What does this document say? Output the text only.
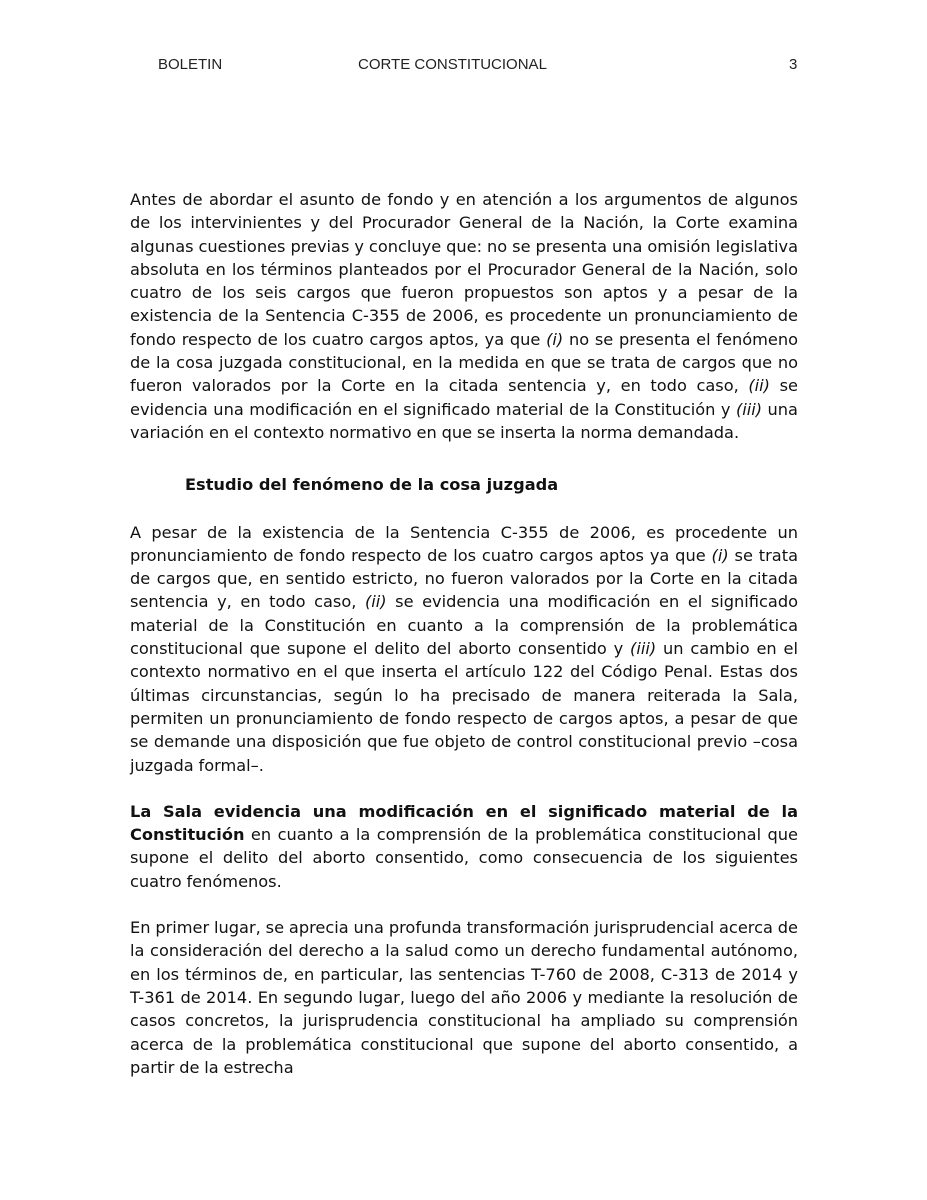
BOLETIN	CORTE CONSTITUCIONAL	3

Antes de abordar el asunto de fondo y en atención a los argumentos de algunos de los intervinientes y del Procurador General de la Nación, la Corte examina algunas cuestiones previas y concluye que: no se presenta una omisión legislativa absoluta en los términos planteados por el Procurador General de la Nación, solo cuatro de los seis cargos que fueron propuestos son aptos y a pesar de la existencia de la Sentencia C-355 de 2006, es procedente un pronunciamiento de fondo respecto de los cuatro cargos aptos, ya que (i) no se presenta el fenómeno de la cosa juzgada constitucional, en la medida en que se trata de cargos que no fueron valorados por la Corte en la citada sentencia y, en todo caso, (ii) se evidencia una modificación en el significado material de la Constitución y (iii) una variación en el contexto normativo en que se inserta la norma demandada.

Estudio del fenómeno de la cosa juzgada

A pesar de la existencia de la Sentencia C-355 de 2006, es procedente un pronunciamiento de fondo respecto de los cuatro cargos aptos ya que (i) se trata de cargos que, en sentido estricto, no fueron valorados por la Corte en la citada sentencia y, en todo caso, (ii) se evidencia una modificación en el significado material de la Constitución en cuanto a la comprensión de la problemática constitucional que supone el delito del aborto consentido y (iii) un cambio en el contexto normativo en el que inserta el artículo 122 del Código Penal. Estas dos últimas circunstancias, según lo ha precisado de manera reiterada la Sala, permiten un pronunciamiento de fondo respecto de cargos aptos, a pesar de que se demande una disposición que fue objeto de control constitucional previo –cosa juzgada formal–.

La Sala evidencia una modificación en el significado material de la Constitución en cuanto a la comprensión de la problemática constitucional que supone el delito del aborto consentido, como consecuencia de los siguientes cuatro fenómenos.

En primer lugar, se aprecia una profunda transformación jurisprudencial acerca de la consideración del derecho a la salud como un derecho fundamental autónomo, en los términos de, en particular, las sentencias T-760 de 2008, C-313 de 2014 y T-361 de 2014. En segundo lugar, luego del año 2006 y mediante la resolución de casos concretos, la jurisprudencia constitucional ha ampliado su comprensión acerca de la problemática constitucional que supone del aborto consentido, a partir de la estrecha
